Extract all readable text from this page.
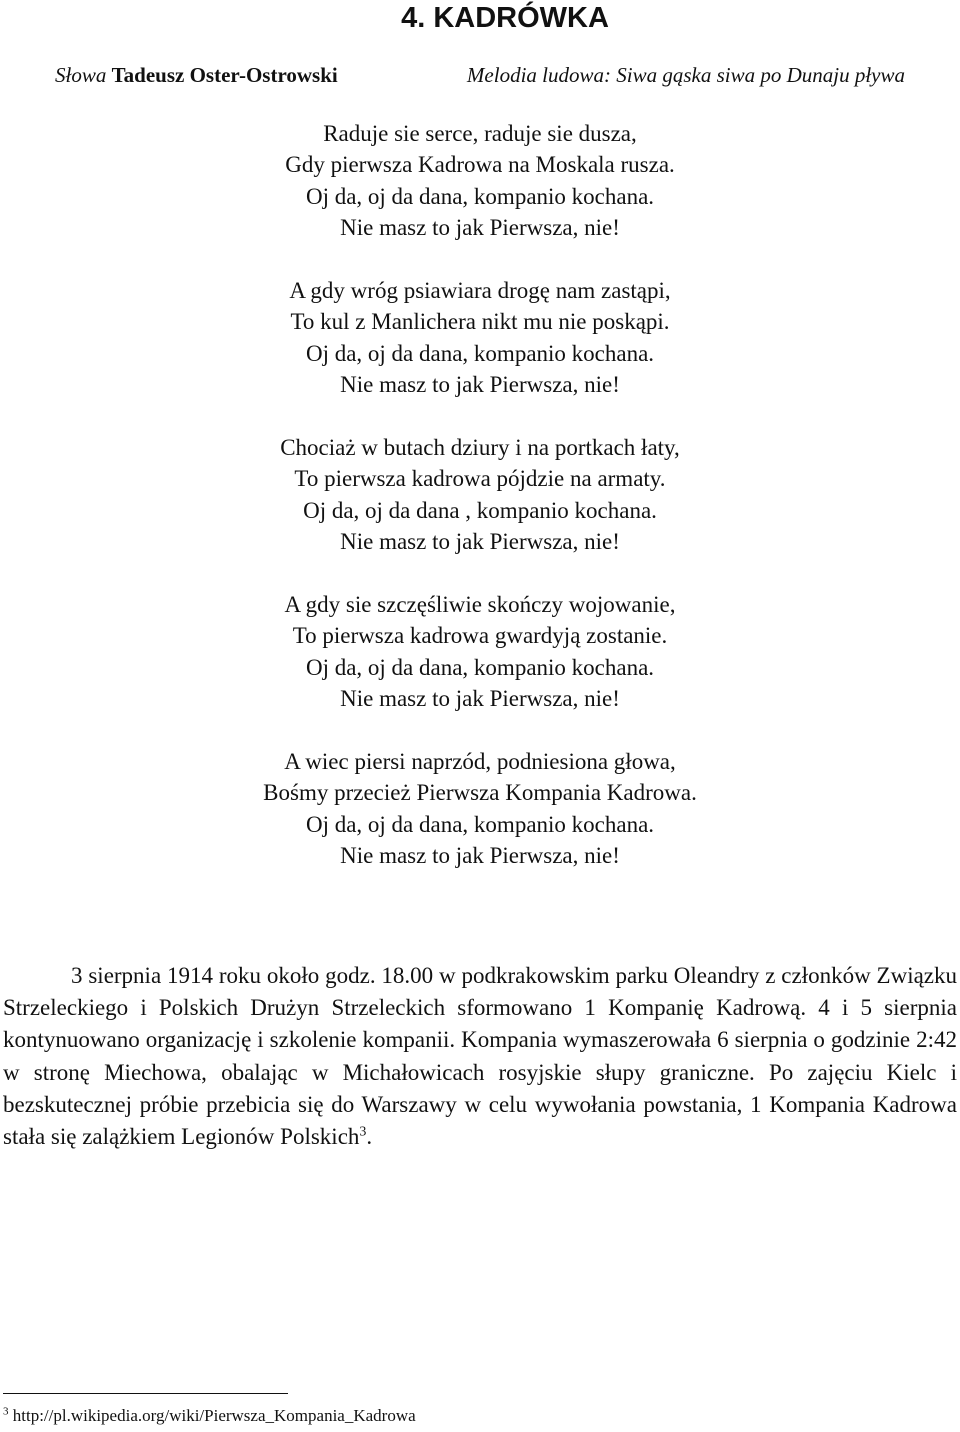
4. KADRÓWKA
Słowa Tadeusz Oster-Ostrowski	Melodia ludowa: Siwa gąska siwa po Dunaju pływa
Raduje sie serce, raduje sie dusza,
Gdy pierwsza Kadrowa na Moskala rusza.
Oj da, oj da dana, kompanio kochana.
Nie masz to jak Pierwsza, nie!
A gdy wróg psiawiara drogę nam zastąpi,
To kul z Manlichera nikt mu nie poskąpi.
Oj da, oj da dana, kompanio kochana.
Nie masz to jak Pierwsza, nie!
Chociaż w butach dziury i na portkach łaty,
To pierwsza kadrowa pójdzie na armaty.
Oj da, oj da dana , kompanio kochana.
Nie masz to jak Pierwsza, nie!
A gdy sie szczęśliwie skończy wojowanie,
To pierwsza kadrowa gwardyją zostanie.
Oj da, oj da dana, kompanio kochana.
Nie masz to jak Pierwsza, nie!
A wiec piersi naprzód, podniesiona głowa,
Bośmy przecież Pierwsza Kompania Kadrowa.
Oj da, oj da dana, kompanio kochana.
Nie masz to jak Pierwsza, nie!

3 sierpnia 1914 roku około godz. 18.00 w podkrakowskim parku Oleandry z członków Związku Strzeleckiego i Polskich Drużyn Strzeleckich sformowano 1 Kompanię Kadrową. 4 i 5 sierpnia kontynuowano organizację i szkolenie kompanii. Kompania wymaszerowała 6 sierpnia o godzinie 2:42 w stronę Miechowa, obalając w Michałowicach rosyjskie słupy graniczne. Po zajęciu Kielc i bezskutecznej próbie przebicia się do Warszawy w celu wywołania powstania, 1 Kompania Kadrowa stała się zalążkiem Legionów Polskich$^3$.

$^3$ http://pl.wikipedia.org/wiki/Pierwsza_Kompania_Kadrowa
